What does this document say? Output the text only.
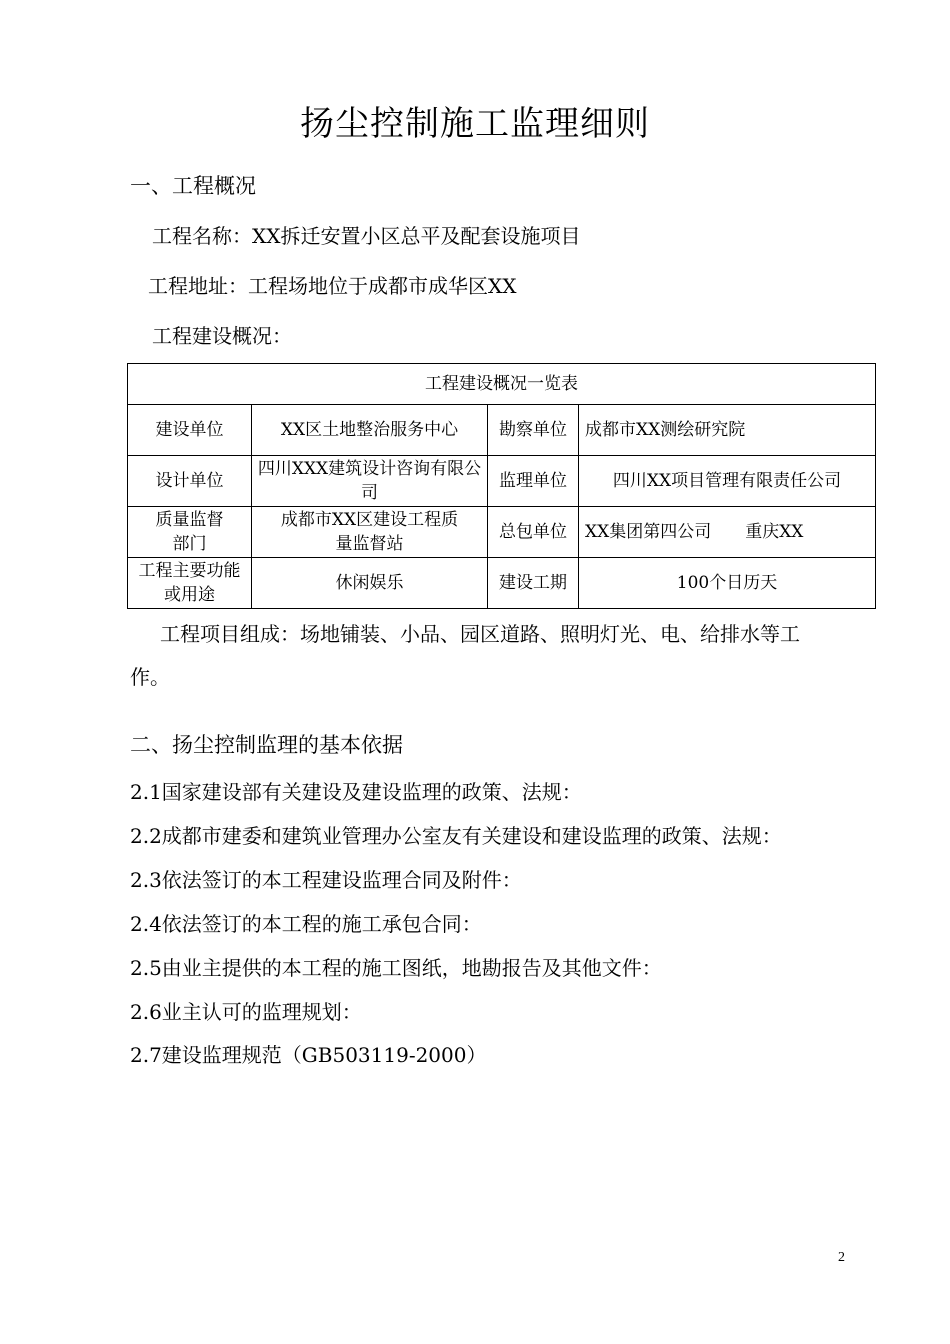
扬尘控制施工监理细则
一、工程概况
工程名称：XX拆迁安置小区总平及配套设施项目
工程地址：工程场地位于成都市成华区XX
工程建设概况：
工程建设概况一览表			
建设单位	XX区土地整治服务中心	勘察单位	成都市XX测绘研究院
设计单位	四川XXX建筑设计咨询有限公司	监理单位	四川XX项目管理有限责任公司
质量监督部门	成都市XX区建设工程质量监督站	总包单位	XX集团第四公司　　重庆XX
工程主要功能或用途	休闲娱乐	建设工期	100个日历天
工程项目组成：场地铺装、小品、园区道路、照明灯光、电、给排水等工
作。
二、扬尘控制监理的基本依据
2.1国家建设部有关建设及建设监理的政策、法规：
2.2成都市建委和建筑业管理办公室友有关建设和建设监理的政策、法规：
2.3依法签订的本工程建设监理合同及附件：
2.4依法签订的本工程的施工承包合同：
2.5由业主提供的本工程的施工图纸，地勘报告及其他文件：
2.6业主认可的监理规划：
2.7建设监理规范（GB503119-2000）
2
